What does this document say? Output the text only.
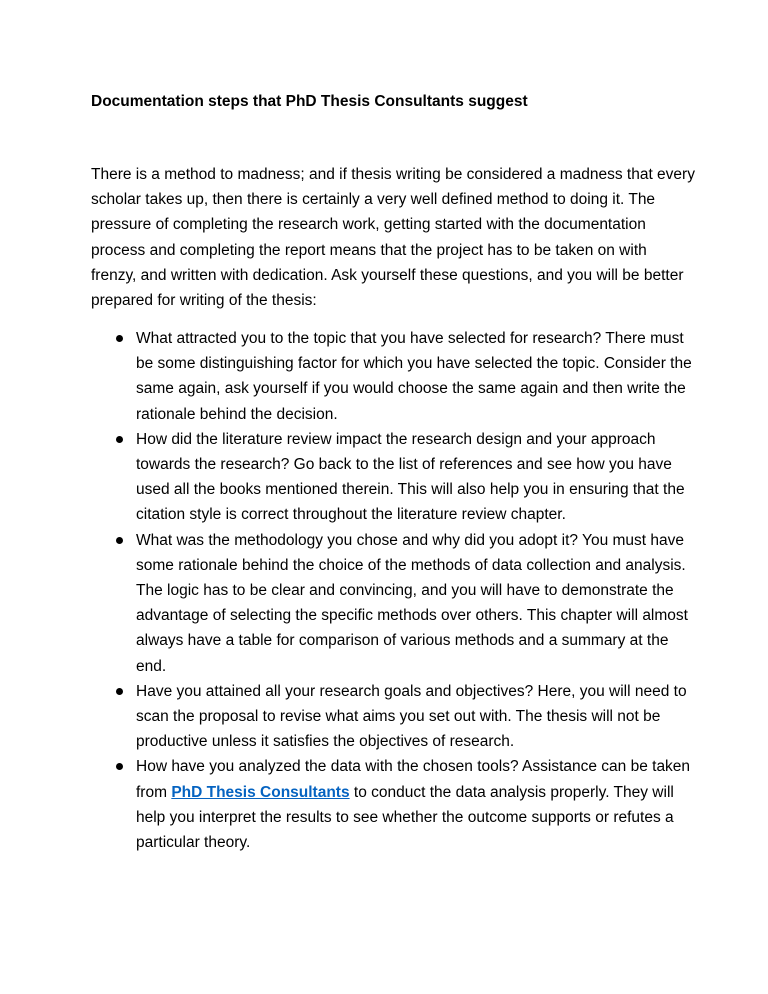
Documentation steps that PhD Thesis Consultants suggest

There is a method to madness; and if thesis writing be considered a madness that every scholar takes up, then there is certainly a very well defined method to doing it. The pressure of completing the research work, getting started with the documentation process and completing the report means that the project has to be taken on with frenzy, and written with dedication. Ask yourself these questions, and you will be better prepared for writing of the thesis:

What attracted you to the topic that you have selected for research? There must be some distinguishing factor for which you have selected the topic. Consider the same again, ask yourself if you would choose the same again and then write the rationale behind the decision.
How did the literature review impact the research design and your approach towards the research? Go back to the list of references and see how you have used all the books mentioned therein. This will also help you in ensuring that the citation style is correct throughout the literature review chapter.
What was the methodology you chose and why did you adopt it? You must have some rationale behind the choice of the methods of data collection and analysis. The logic has to be clear and convincing, and you will have to demonstrate the advantage of selecting the specific methods over others. This chapter will almost always have a table for comparison of various methods and a summary at the end.
Have you attained all your research goals and objectives? Here, you will need to scan the proposal to revise what aims you set out with. The thesis will not be productive unless it satisfies the objectives of research.
How have you analyzed the data with the chosen tools? Assistance can be taken from PhD Thesis Consultants to conduct the data analysis properly. They will help you interpret the results to see whether the outcome supports or refutes a particular theory.
